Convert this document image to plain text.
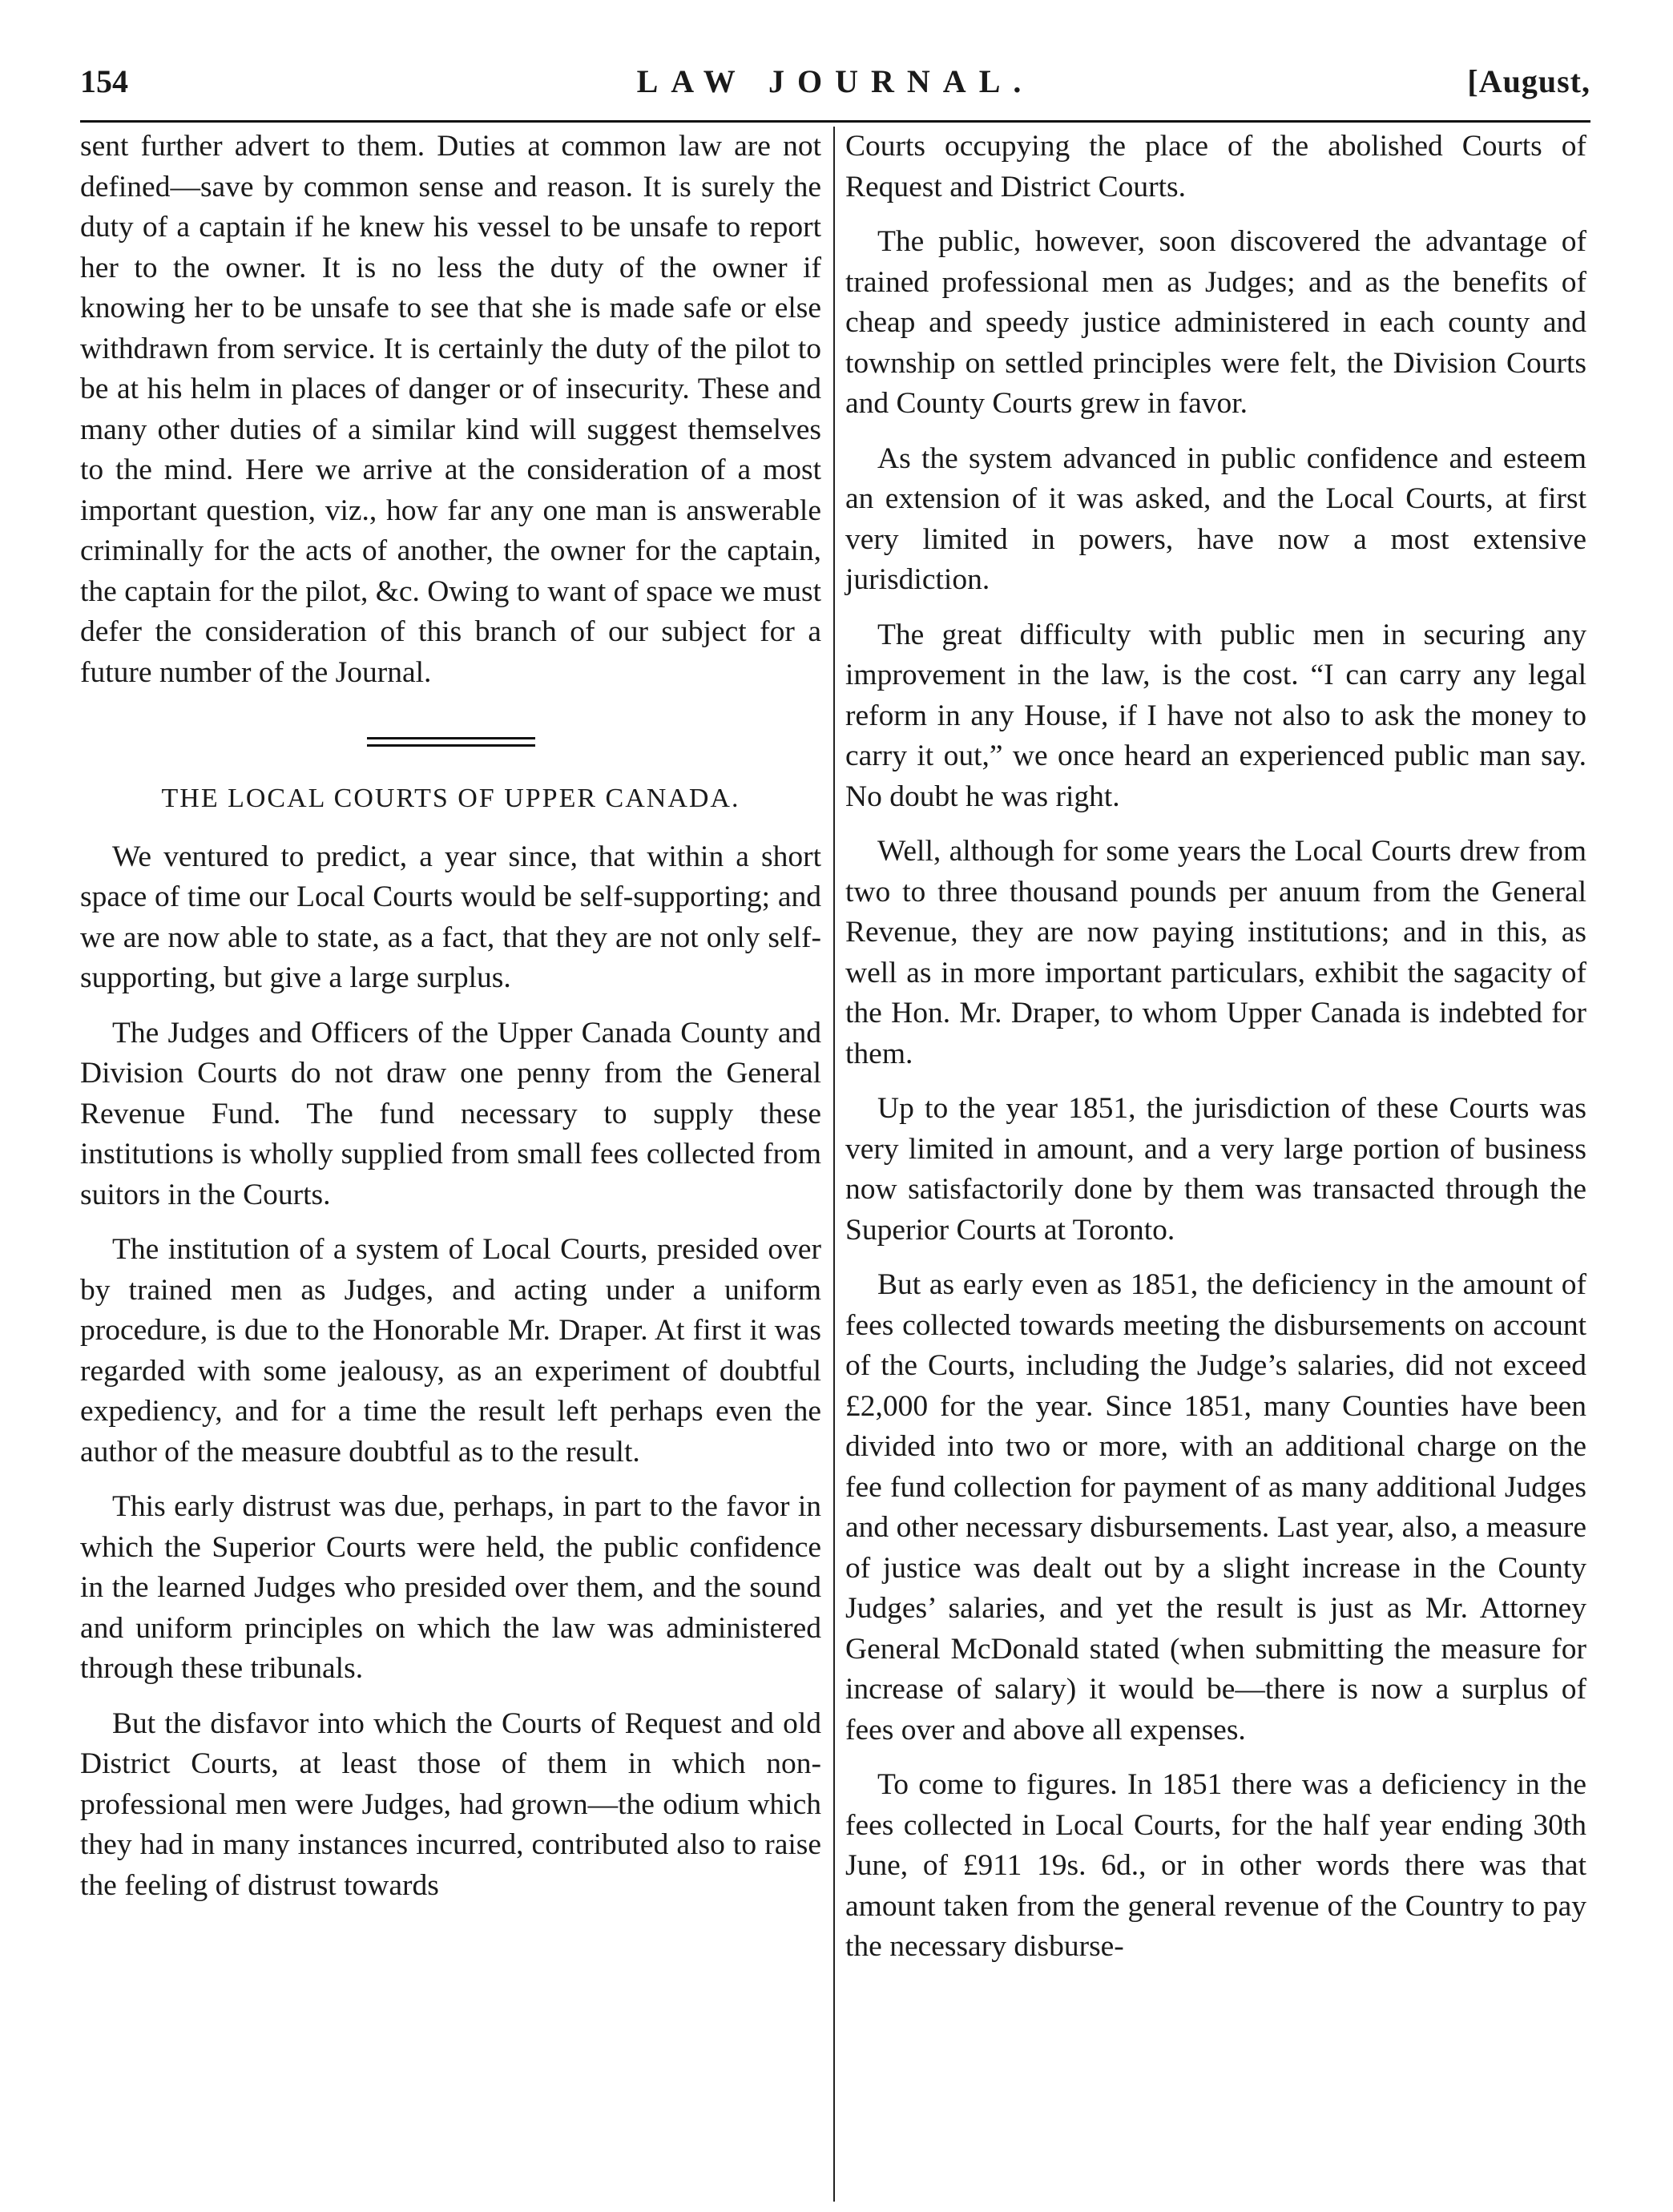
154	LAW JOURNAL.	[August,

sent further advert to them. Duties at common law are not defined—save by common sense and reason. It is surely the duty of a captain if he knew his vessel to be unsafe to report her to the owner. It is no less the duty of the owner if knowing her to be unsafe to see that she is made safe or else withdrawn from service. It is certainly the duty of the pilot to be at his helm in places of danger or of insecurity. These and many other duties of a similar kind will suggest themselves to the mind. Here we arrive at the consideration of a most important question, viz., how far any one man is answerable criminally for the acts of another, the owner for the captain, the captain for the pilot, &c. Owing to want of space we must defer the consideration of this branch of our subject for a future number of the Journal.

THE LOCAL COURTS OF UPPER CANADA.

We ventured to predict, a year since, that within a short space of time our Local Courts would be self-supporting; and we are now able to state, as a fact, that they are not only self-supporting, but give a large surplus.

The Judges and Officers of the Upper Canada County and Division Courts do not draw one penny from the General Revenue Fund. The fund necessary to supply these institutions is wholly supplied from small fees collected from suitors in the Courts.

The institution of a system of Local Courts, presided over by trained men as Judges, and acting under a uniform procedure, is due to the Honorable Mr. Draper. At first it was regarded with some jealousy, as an experiment of doubtful expediency, and for a time the result left perhaps even the author of the measure doubtful as to the result.

This early distrust was due, perhaps, in part to the favor in which the Superior Courts were held, the public confidence in the learned Judges who presided over them, and the sound and uniform principles on which the law was administered through these tribunals.

But the disfavor into which the Courts of Request and old District Courts, at least those of them in which non-professional men were Judges, had grown—the odium which they had in many instances incurred, contributed also to raise the feeling of distrust towards

Courts occupying the place of the abolished Courts of Request and District Courts.

The public, however, soon discovered the advantage of trained professional men as Judges; and as the benefits of cheap and speedy justice administered in each county and township on settled principles were felt, the Division Courts and County Courts grew in favor.

As the system advanced in public confidence and esteem an extension of it was asked, and the Local Courts, at first very limited in powers, have now a most extensive jurisdiction.

The great difficulty with public men in securing any improvement in the law, is the cost. “I can carry any legal reform in any House, if I have not also to ask the money to carry it out,” we once heard an experienced public man say. No doubt he was right.

Well, although for some years the Local Courts drew from two to three thousand pounds per anuum from the General Revenue, they are now paying institutions; and in this, as well as in more important particulars, exhibit the sagacity of the Hon. Mr. Draper, to whom Upper Canada is indebted for them.

Up to the year 1851, the jurisdiction of these Courts was very limited in amount, and a very large portion of business now satisfactorily done by them was transacted through the Superior Courts at Toronto.

But as early even as 1851, the deficiency in the amount of fees collected towards meeting the disbursements on account of the Courts, including the Judge’s salaries, did not exceed £2,000 for the year. Since 1851, many Counties have been divided into two or more, with an additional charge on the fee fund collection for payment of as many additional Judges and other necessary disbursements. Last year, also, a measure of justice was dealt out by a slight increase in the County Judges’ salaries, and yet the result is just as Mr. Attorney General McDonald stated (when submitting the measure for increase of salary) it would be—there is now a surplus of fees over and above all expenses.

To come to figures. In 1851 there was a deficiency in the fees collected in Local Courts, for the half year ending 30th June, of £911 19s. 6d., or in other words there was that amount taken from the general revenue of the Country to pay the necessary disburse-
